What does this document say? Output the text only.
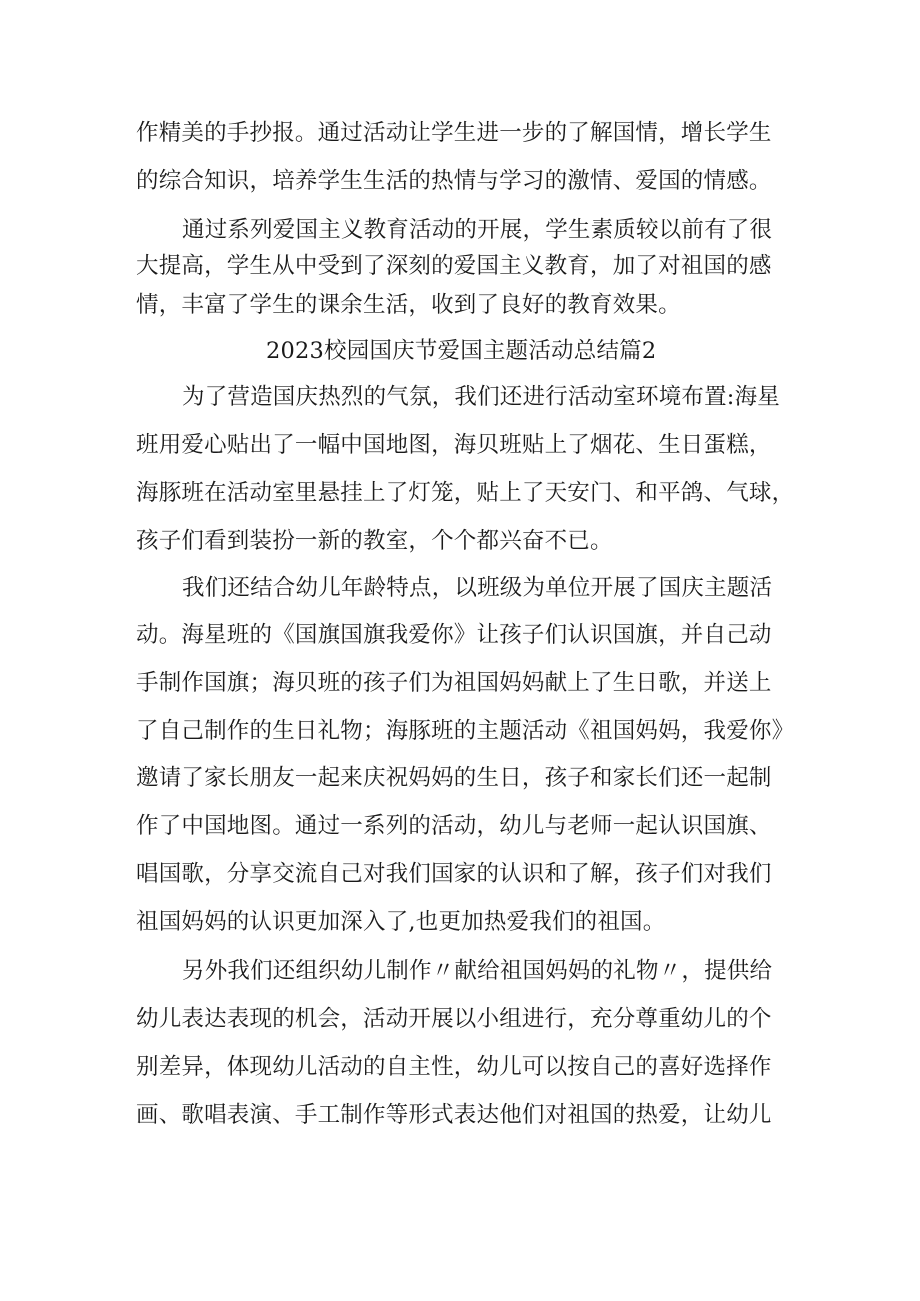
作精美的手抄报。通过活动让学生进一步的了解国情，增长学生
的综合知识，培养学生生活的热情与学习的激情、爱国的情感。
通过系列爱国主义教育活动的开展，学生素质较以前有了很
大提高，学生从中受到了深刻的爱国主义教育，加了对祖国的感
情，丰富了学生的课余生活，收到了良好的教育效果。
2023校园国庆节爱国主题活动总结篇2
为了营造国庆热烈的气氛，我们还进行活动室环境布置:海星
班用爱心贴出了一幅中国地图，海贝班贴上了烟花、生日蛋糕，
海豚班在活动室里悬挂上了灯笼，贴上了天安门、和平鸽、气球，
孩子们看到装扮一新的教室，个个都兴奋不已。
我们还结合幼儿年龄特点，以班级为单位开展了国庆主题活
动。海星班的《国旗国旗我爱你》让孩子们认识国旗，并自己动
手制作国旗；海贝班的孩子们为祖国妈妈献上了生日歌，并送上
了自己制作的生日礼物；海豚班的主题活动《祖国妈妈，我爱你》
邀请了家长朋友一起来庆祝妈妈的生日，孩子和家长们还一起制
作了中国地图。通过一系列的活动，幼儿与老师一起认识国旗、
唱国歌，分享交流自己对我们国家的认识和了解，孩子们对我们
祖国妈妈的认识更加深入了,也更加热爱我们的祖国。
另外我们还组织幼儿制作〃献给祖国妈妈的礼物〃，提供给
幼儿表达表现的机会，活动开展以小组进行，充分尊重幼儿的个
别差异，体现幼儿活动的自主性，幼儿可以按自己的喜好选择作
画、歌唱表演、手工制作等形式表达他们对祖国的热爱，让幼儿
